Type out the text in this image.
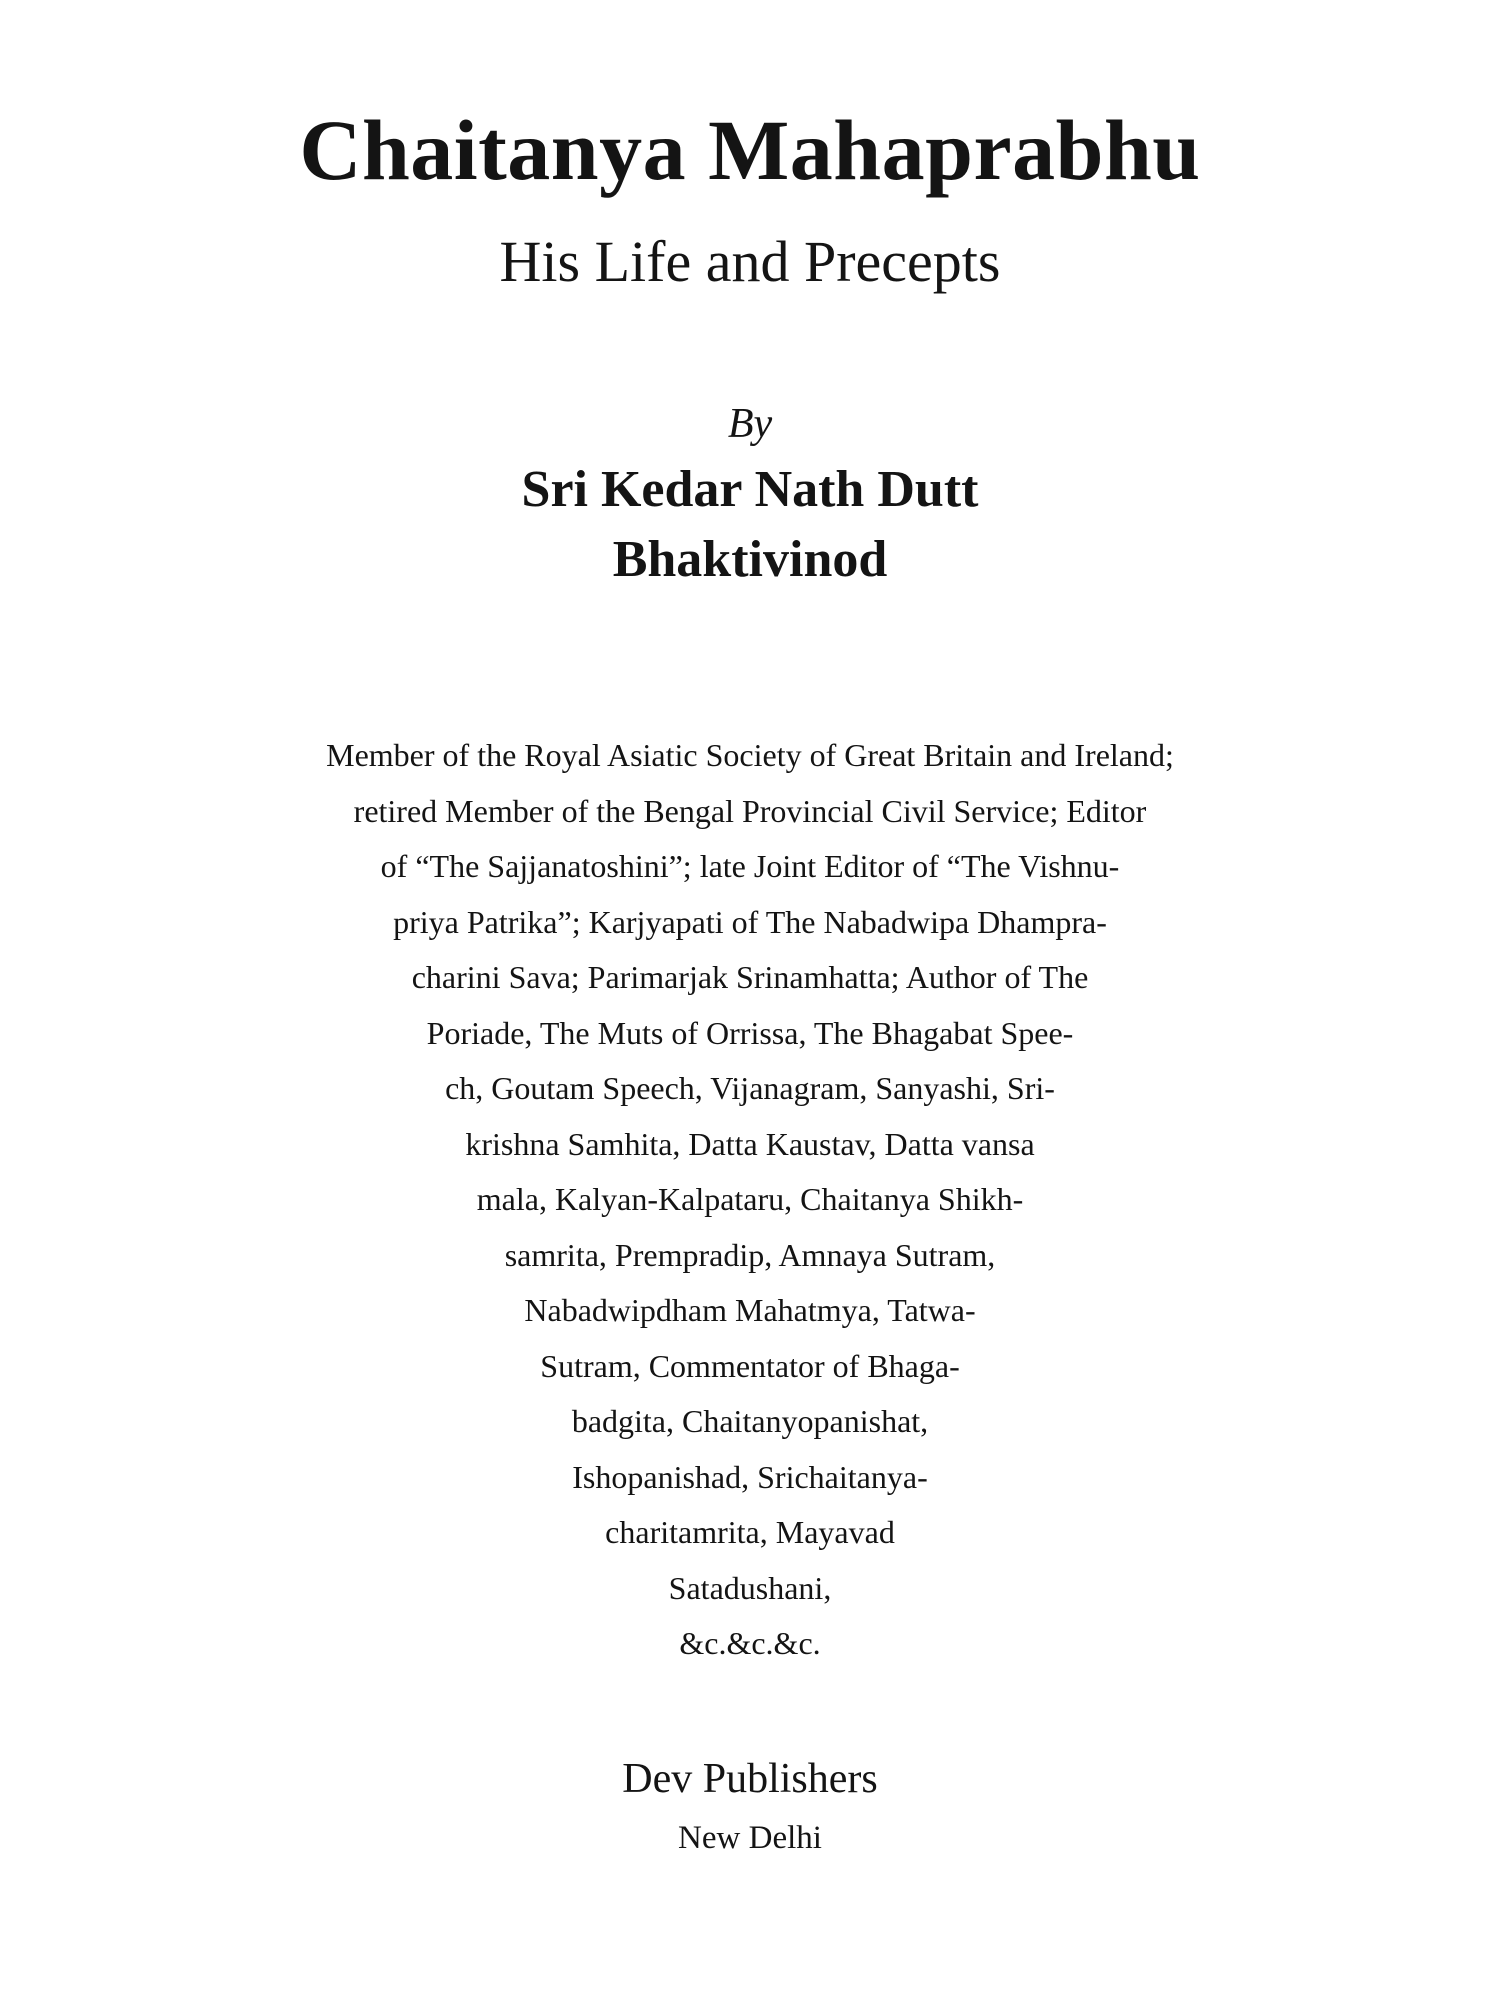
Chaitanya Mahaprabhu
His Life and Precepts
By
Sri Kedar Nath Dutt
Bhaktivinod
Member of the Royal Asiatic Society of Great Britain and Ireland;
retired Member of the Bengal Provincial Civil Service; Editor
of “The Sajjanatoshini”; late Joint Editor of “The Vishnu-
priya Patrika”; Karjyapati of The Nabadwipa Dhampra-
charini Sava; Parimarjak Srinamhatta; Author of The
Poriade, The Muts of Orrissa, The Bhagabat Spee-
ch, Goutam Speech, Vijanagram, Sanyashi, Sri-
krishna Samhita, Datta Kaustav, Datta vansa
mala, Kalyan-Kalpataru, Chaitanya Shikh-
samrita, Prempradip, Amnaya Sutram,
Nabadwipdham Mahatmya, Tatwa-
Sutram, Commentator of Bhaga-
badgita, Chaitanyopanishat,
Ishopanishad, Srichaitanya-
charitamrita, Mayavad
Satadushani,
&c.&c.&c.
Dev Publishers
New Delhi
